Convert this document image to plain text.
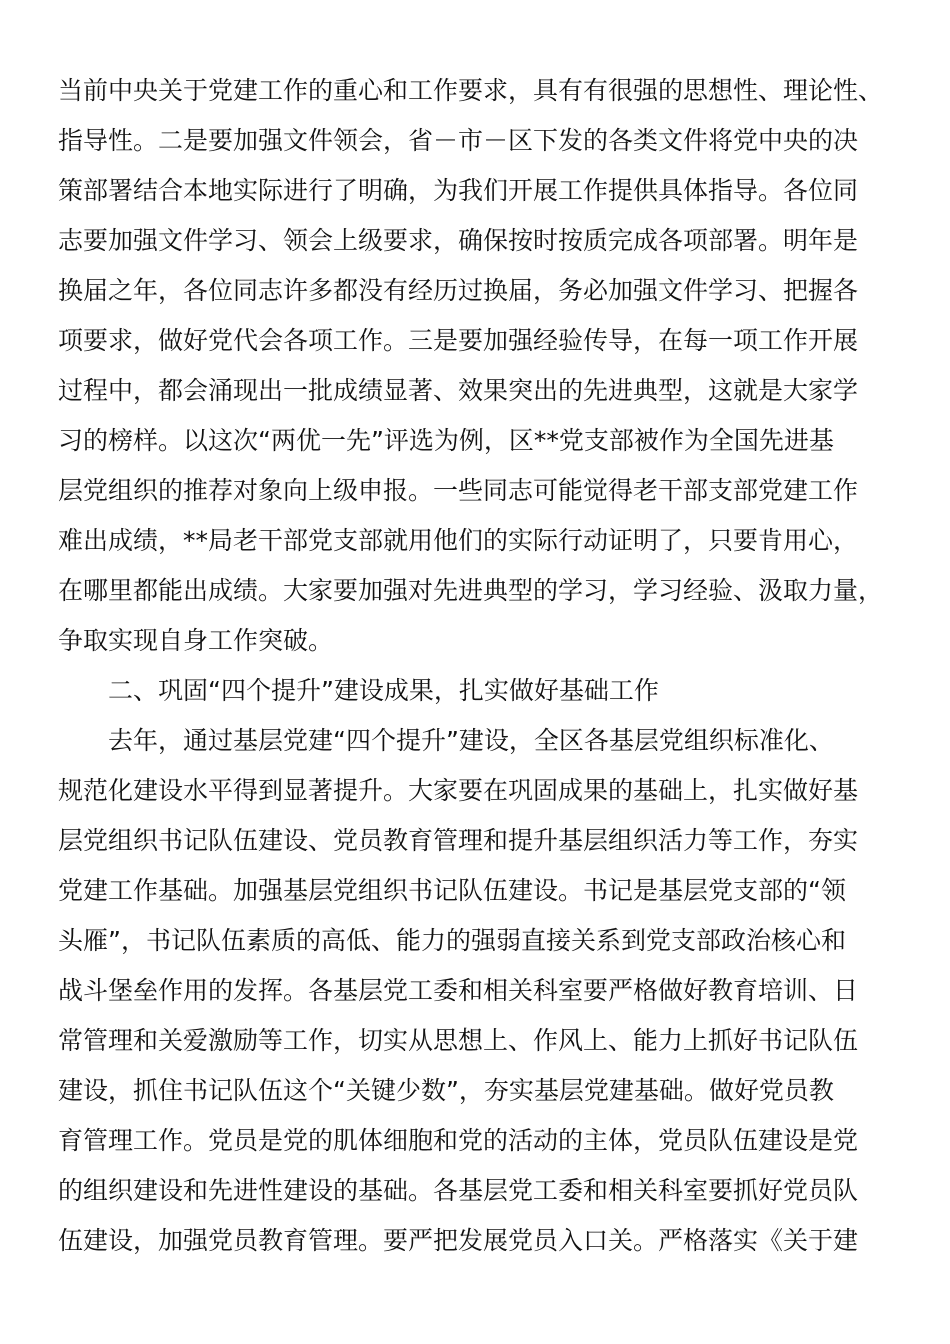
当前中央关于党建工作的重心和工作要求，具有有很强的思想性、理论性、
指导性。二是要加强文件领会，省－市－区下发的各类文件将党中央的决
策部署结合本地实际进行了明确，为我们开展工作提供具体指导。各位同
志要加强文件学习、领会上级要求，确保按时按质完成各项部署。明年是
换届之年，各位同志许多都没有经历过换届，务必加强文件学习、把握各
项要求，做好党代会各项工作。三是要加强经验传导，在每一项工作开展
过程中，都会涌现出一批成绩显著、效果突出的先进典型，这就是大家学
习的榜样。以这次“两优一先”评选为例，区**党支部被作为全国先进基
层党组织的推荐对象向上级申报。一些同志可能觉得老干部支部党建工作
难出成绩，**局老干部党支部就用他们的实际行动证明了，只要肯用心，
在哪里都能出成绩。大家要加强对先进典型的学习，学习经验、汲取力量，
争取实现自身工作突破。
二、巩固“四个提升”建设成果，扎实做好基础工作
去年，通过基层党建“四个提升”建设，全区各基层党组织标准化、
规范化建设水平得到显著提升。大家要在巩固成果的基础上，扎实做好基
层党组织书记队伍建设、党员教育管理和提升基层组织活力等工作，夯实
党建工作基础。加强基层党组织书记队伍建设。书记是基层党支部的“领
头雁”，书记队伍素质的高低、能力的强弱直接关系到党支部政治核心和
战斗堡垒作用的发挥。各基层党工委和相关科室要严格做好教育培训、日
常管理和关爱激励等工作，切实从思想上、作风上、能力上抓好书记队伍
建设，抓住书记队伍这个“关键少数”，夯实基层党建基础。做好党员教
育管理工作。党员是党的肌体细胞和党的活动的主体，党员队伍建设是党
的组织建设和先进性建设的基础。各基层党工委和相关科室要抓好党员队
伍建设，加强党员教育管理。要严把发展党员入口关。严格落实《关于建
